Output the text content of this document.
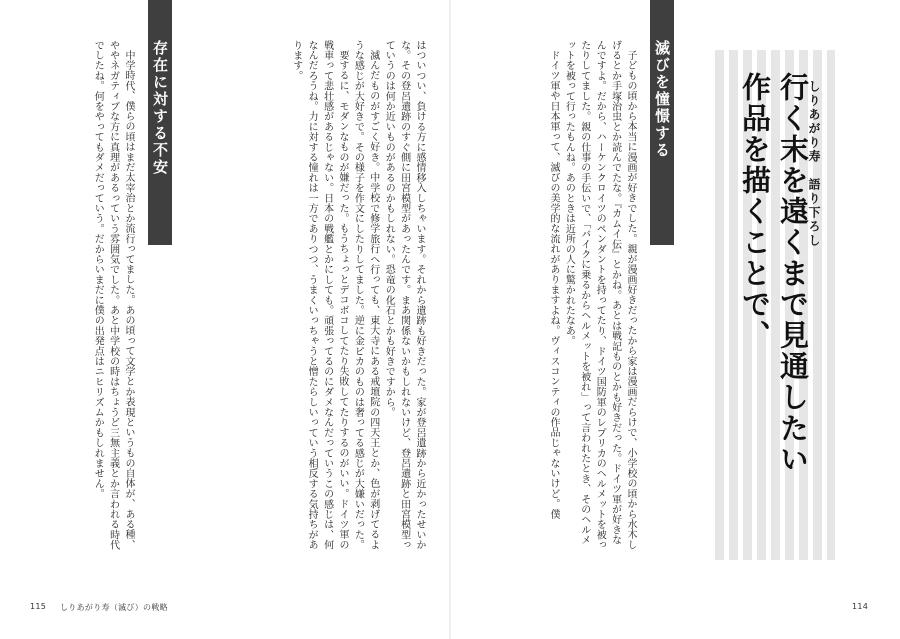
はついつい、負ける方に感情移入しちゃいます。それから遺跡も好きだった。家が登呂遺跡から近かったせいかな。その登呂遺跡のすぐ側に田宮模型があったんです。まあ関係ないかもしれないけど、登呂遺跡と田宮模型っていうのは何か近いものがあるのかもしれない。恐竜の化石とかも好きですから。

滅んだものがすごく好き。中学校で修学旅行へ行っても、東大寺にある戒壇院の四天王とか、色が剥げてるような感じが大好きで。その様子を作文にしたりしてました。逆に金ピカのものは奢ってる感じが大嫌いだった。

要するに、モダンなものが嫌だった。もうちょっとデコボコしてたり失敗してたりするのがいい。ドイツ軍の戦車って悲壮感があるじゃない。日本の戦艦とかにしても。頑張ってるのにダメなんだっていうこの感じは、何なんだろうね。力に対する憧れは一方でありつつ、うまくいっちゃうと憎たらしいっていう相反する気持ちがあります。

存在に対する不安

中学時代、僕らの頃はまだ太宰治とか流行ってました。あの頃って文学とか表現というもの自体が、ある種、ややネガティブな方に真理があるっていう雰囲気でした。あと中学校の時はちょうど三無主義とか言われる時代でしたね。何をやってもダメだっていう。だからいまだに僕の出発点はニヒリズムかもしれません。

115 しりあがり寿（滅び）の戦略
滅びを憧憬する

子どもの頃から本当に漫画が好きでした。親が漫画好きだったから家は漫画だらけで、小学校の頃から水木しげるとか手塚治虫とか読んでたな。『カムイ伝』とかね。あとは戦記ものとかも好きだった。ドイツ軍が好きなんですよ。だから、ハーケンクロイツのペンダントを持ってたり、ドイツ国防軍のレプリカのヘルメットを被ったりしてました。親の仕事の手伝いで、「バイクに乗るからヘルメットを被れ」って言われたとき、そのヘルメットを被って行ったもんね。あのときは近所の人に驚かれたなあ。

ドイツ軍や日本軍って、滅びの美学的な流れがありますよね。ヴィスコンティの作品じゃないけど。僕

114
行く末を遠くまで見通したい
作品を描くことで、	しりあがり寿語り下ろし
